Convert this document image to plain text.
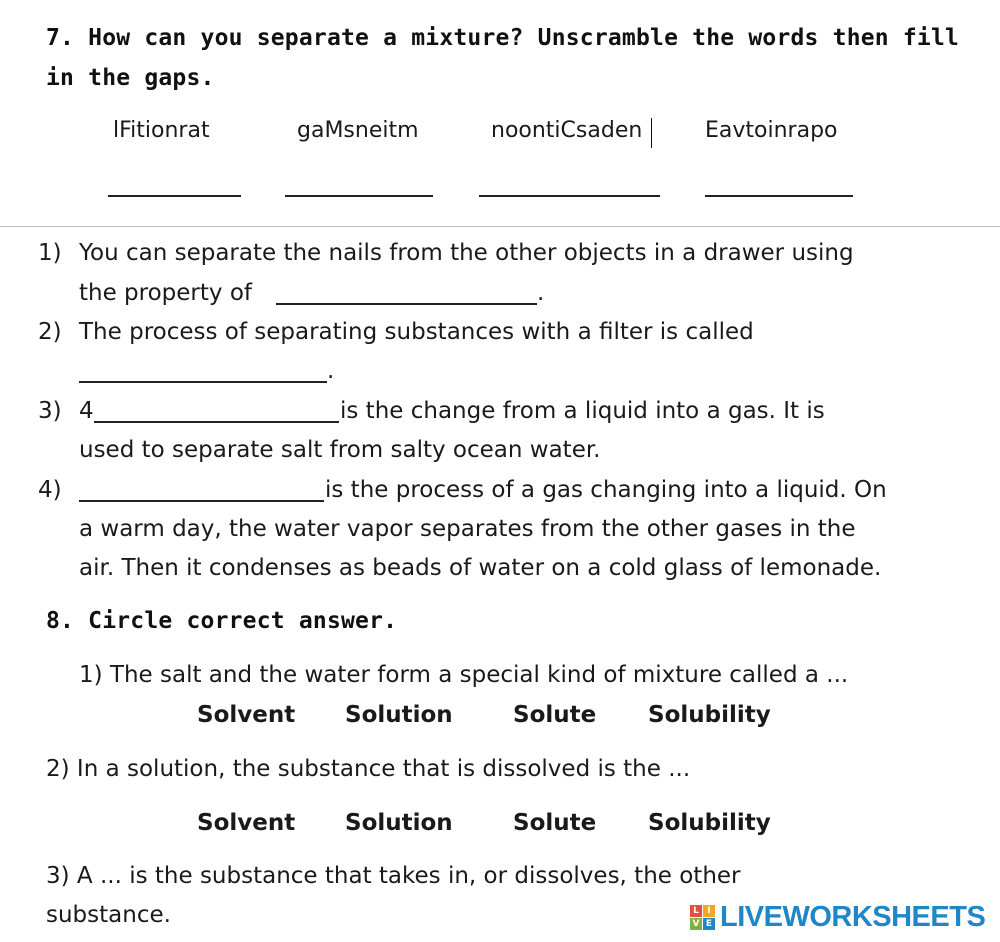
7. How can you separate a mixture? Unscramble the words then fill
in the gaps.
lFitionrat	gaMsneitm	noontiCsaden	Eavtoinrapo
1) You can separate the nails from the other objects in a drawer using
the property of	.
2) The process of separating substances with a filter is called
.
3) 4	is the change from a liquid into a gas. It is
used to separate salt from salty ocean water.
4)	is the process of a gas changing into a liquid. On
a warm day, the water vapor separates from the other gases in the
air. Then it condenses as beads of water on a cold glass of lemonade.
8. Circle correct answer.
1) The salt and the water form a special kind of mixture called a ...
Solvent Solution	Solute Solubility
2) In a solution, the substance that is dissolved is the ...
Solvent Solution	Solute Solubility
3) A ... is the substance that takes in, or dissolves, the other
substance.	L I
V E LIVEWORKSHEETS
